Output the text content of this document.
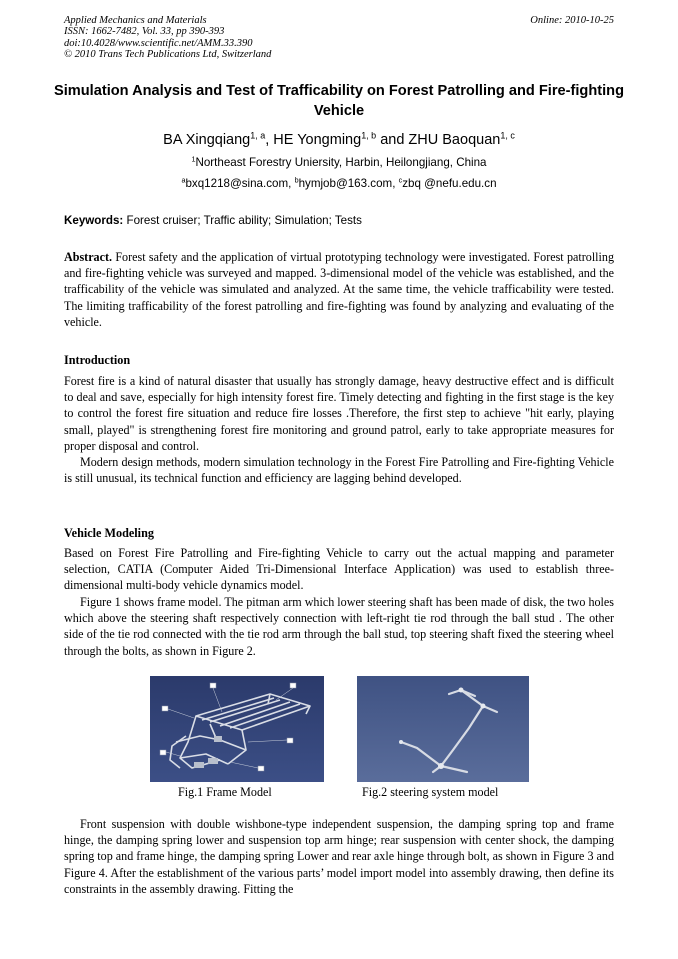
Applied Mechanics and Materials
ISSN: 1662-7482, Vol. 33, pp 390-393
doi:10.4028/www.scientific.net/AMM.33.390
© 2010 Trans Tech Publications Ltd, Switzerland
Online: 2010-10-25
Simulation Analysis and Test of Trafficability on Forest Patrolling and Fire-fighting Vehicle
BA Xingqiang$^{1, a}$, HE Yongming$^{1, b}$ and ZHU Baoquan$^{1, c}$
$^1$Northeast Forestry Uniersity, Harbin, Heilongjiang, China
$^a$bxq1218@sina.com, $^b$hymjob@163.com, $^c$zbq @nefu.edu.cn
Keywords: Forest cruiser; Traffic ability; Simulation; Tests
Abstract. Forest safety and the application of virtual prototyping technology were investigated. Forest patrolling and fire-fighting vehicle was surveyed and mapped. 3-dimensional model of the vehicle was established, and the trafficability of the vehicle was simulated and analyzed. At the same time, the vehicle trafficability were tested. The limiting trafficability of the forest patrolling and fire-fighting was found by analyzing and evaluating of the vehicle.
Introduction
Forest fire is a kind of natural disaster that usually has strongly damage, heavy destructive effect and is difficult to deal and save, especially for high intensity forest fire. Timely detecting and fighting in the first stage is the key to control the forest fire situation and reduce fire losses .Therefore, the first step to achieve "hit early, playing small, played" is strengthening forest fire monitoring and ground patrol, early to take appropriate measures for proper disposal and control.
Modern design methods, modern simulation technology in the Forest Fire Patrolling and Fire-fighting Vehicle is still unusual, its technical function and efficiency are lagging behind developed.
Vehicle Modeling
Based on Forest Fire Patrolling and Fire-fighting Vehicle to carry out the actual mapping and parameter selection, CATIA (Computer Aided Tri-Dimensional Interface Application) was used to establish three-dimensional multi-body vehicle dynamics model.
Figure 1 shows frame model. The pitman arm which lower steering shaft has been made of disk, the two holes which above the steering shaft respectively connection with left-right tie rod through the ball stud . The other side of the tie rod connected with the tie rod arm through the ball stud, top steering shaft fixed the steering wheel through the bolts, as shown in Figure 2.
Fig.1 Frame Model	Fig.2 steering system model
Front suspension with double wishbone-type independent suspension, the damping spring top and frame hinge, the damping spring lower and suspension top arm hinge; rear suspension with center shock, the damping spring top and frame hinge, the damping spring Lower and rear axle hinge through bolt, as shown in Figure 3 and Figure 4. After the establishment of the various parts’ model import model into assembly drawing, then define its constraints in the assembly drawing. Fitting the
